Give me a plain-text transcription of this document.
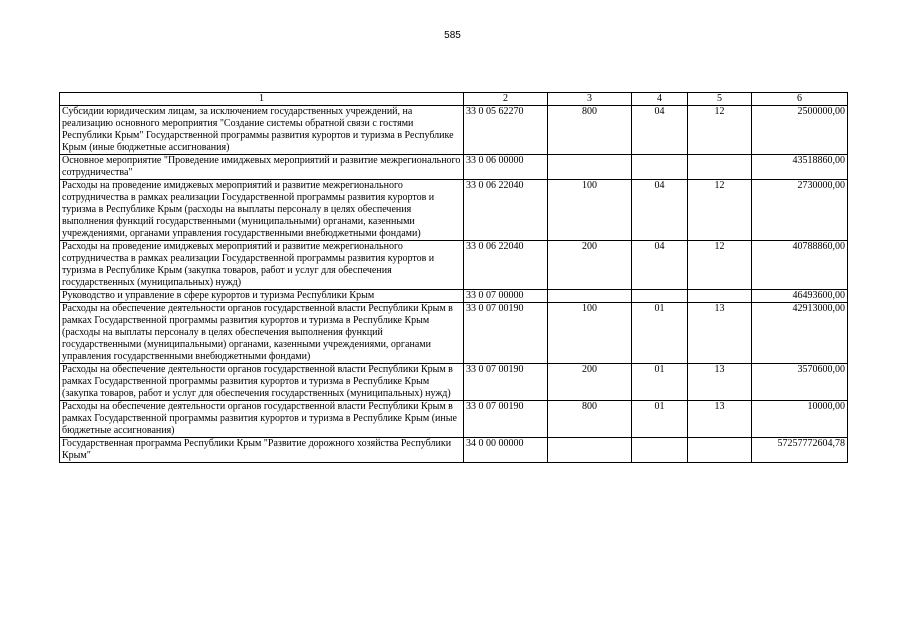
585
1	2	3	4	5	6
Субсидии юридическим лицам, за исключением государственных учреждений, на реализацию основного мероприятия "Создание системы обратной связи с гостями Республики Крым" Государственной программы развития курортов и туризма в Республике Крым (иные бюджетные ассигнования)	33 0 05 62270	800	04	12	2500000,00
Основное мероприятие "Проведение имиджевых мероприятий и развитие межрегионального сотрудничества"	33 0 06 00000				43518860,00
Расходы на проведение имиджевых мероприятий и развитие межрегионального сотрудничества в рамках реализации Государственной программы развития курортов и туризма в Республике Крым (расходы на выплаты персоналу в целях обеспечения выполнения функций государственными (муниципальными) органами, казенными учреждениями, органами управления государственными внебюджетными фондами)	33 0 06 22040	100	04	12	2730000,00
Расходы на проведение имиджевых мероприятий и развитие межрегионального сотрудничества в рамках реализации Государственной программы развития курортов и туризма в Республике Крым (закупка товаров, работ и услуг для обеспечения государственных (муниципальных) нужд)	33 0 06 22040	200	04	12	40788860,00
Руководство и управление в сфере курортов и туризма Республики Крым	33 0 07 00000				46493600,00
Расходы на обеспечение деятельности органов государственной власти Республики Крым в рамках Государственной программы развития курортов и туризма в Республике Крым (расходы на выплаты персоналу в целях обеспечения выполнения функций государственными (муниципальными) органами, казенными учреждениями, органами управления государственными внебюджетными фондами)	33 0 07 00190	100	01	13	42913000,00
Расходы на обеспечение деятельности органов государственной власти Республики Крым в рамках Государственной программы развития курортов и туризма в Республике Крым (закупка товаров, работ и услуг для обеспечения государственных (муниципальных) нужд)	33 0 07 00190	200	01	13	3570600,00
Расходы на обеспечение деятельности органов государственной власти Республики Крым в рамках Государственной программы развития курортов и туризма в Республике Крым (иные бюджетные ассигнования)	33 0 07 00190	800	01	13	10000,00
Государственная программа Республики Крым "Развитие дорожного хозяйства Республики Крым"	34 0 00 00000				57257772604,78
